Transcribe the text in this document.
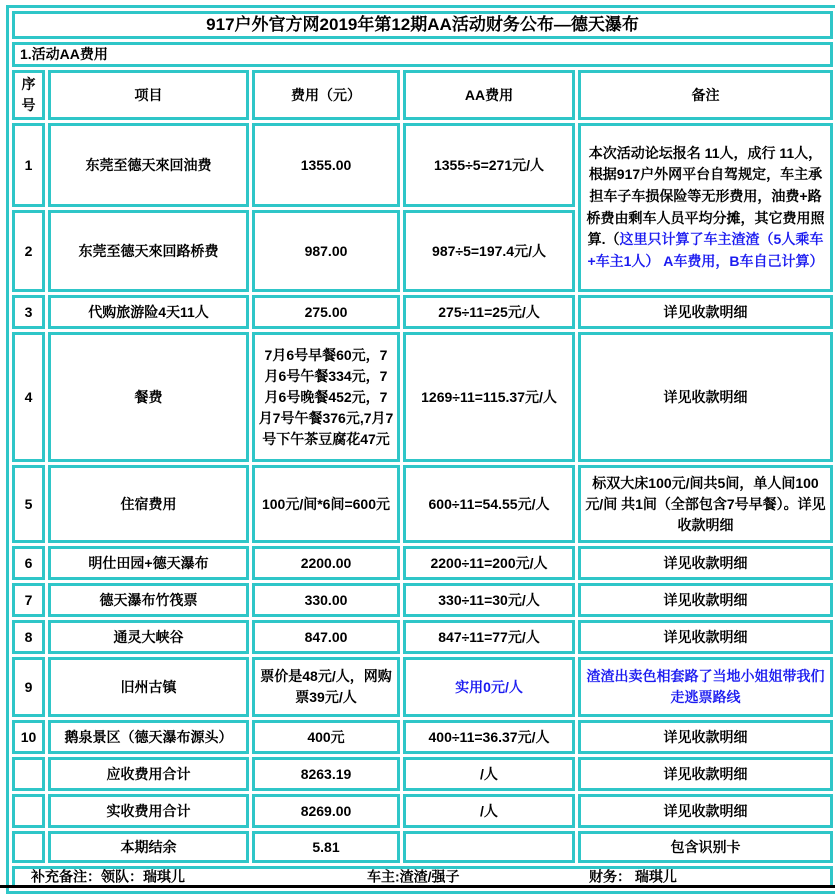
917户外官方网2019年第12期AA活动财务公布—德天瀑布				
1.活动AA费用				
序号	项目	费用（元）	AA费用	备注
1	东莞至德天來回油费	1355.00	1355÷5=271元/人	本次活动论坛报名 11人，成行 11人，根据917户外网平台自驾规定，车主承担车子车损保险等无形费用，油费+路桥费由剩车人员平均分摊，其它费用照算.（这里只计算了车主渣渣（5人乘车+车主1人） A车费用，B车自己计算）
2	东莞至德天來回路桥费	987.00	987÷5=197.4元/人	
3	代购旅游险4天11人	275.00	275÷11=25元/人	详见收款明细
4	餐费	7月6号早餐60元，7月6号午餐334元，7月6号晚餐452元，7月7号午餐376元,7月7号下午茶豆腐花47元	1269÷11=115.37元/人	详见收款明细
5	住宿费用	100元/间*6间=600元	600÷11=54.55元/人	标双大床100元/间共5间，单人间100元/间 共1间（全部包含7号早餐）。详见收款明细
6	明仕田园+德天瀑布	2200.00	2200÷11=200元/人	详见收款明细
7	德天瀑布竹筏票	330.00	330÷11=30元/人	详见收款明细
8	通灵大峡谷	847.00	847÷11=77元/人	详见收款明细
9	旧州古镇	票价是48元/人，网购票39元/人	实用0元/人	渣渣出卖色相套路了当地小姐姐带我们走逃票路线
10	鹅泉景区（德天瀑布源头）	400元	400÷11=36.37元/人	详见收款明细
	应收费用合计	8263.19	/人	详见收款明细
	实收费用合计	8269.00	/人	详见收款明细
	本期结余	5.81		包含识别卡

补充备注：领队：瑞琪儿 车主:渣渣/强子 财务： 瑞琪儿				
